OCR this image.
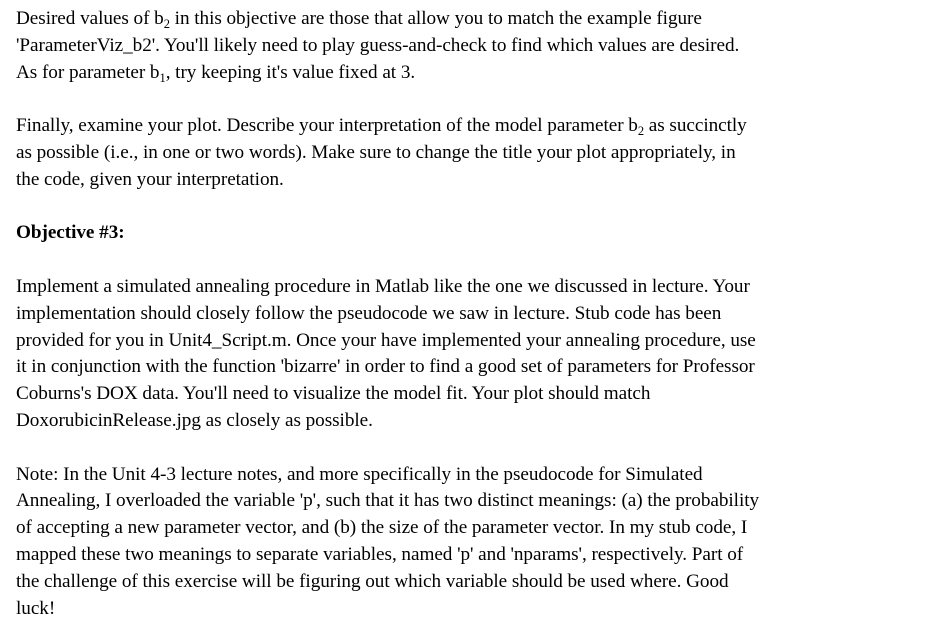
Desired values of $b_2$ in this objective are those that allow you to match the example figure
'ParameterViz_b2'. You'll likely need to play guess-and-check to find which values are desired.
As for parameter $b_1$, try keeping it's value fixed at 3.
Finally, examine your plot. Describe your interpretation of the model parameter $b_2$ as succinctly
as possible (i.e., in one or two words). Make sure to change the title your plot appropriately, in
the code, given your interpretation.
Objective #3:
Implement a simulated annealing procedure in Matlab like the one we discussed in lecture. Your
implementation should closely follow the pseudocode we saw in lecture. Stub code has been
provided for you in Unit4_Script.m. Once your have implemented your annealing procedure, use
it in conjunction with the function 'bizarre' in order to find a good set of parameters for Professor
Coburns's DOX data. You'll need to visualize the model fit. Your plot should match
DoxorubicinRelease.jpg as closely as possible.
Note: In the Unit 4-3 lecture notes, and more specifically in the pseudocode for Simulated
Annealing, I overloaded the variable 'p', such that it has two distinct meanings: (a) the probability
of accepting a new parameter vector, and (b) the size of the parameter vector. In my stub code, I
mapped these two meanings to separate variables, named 'p' and 'nparams', respectively. Part of
the challenge of this exercise will be figuring out which variable should be used where. Good
luck!
